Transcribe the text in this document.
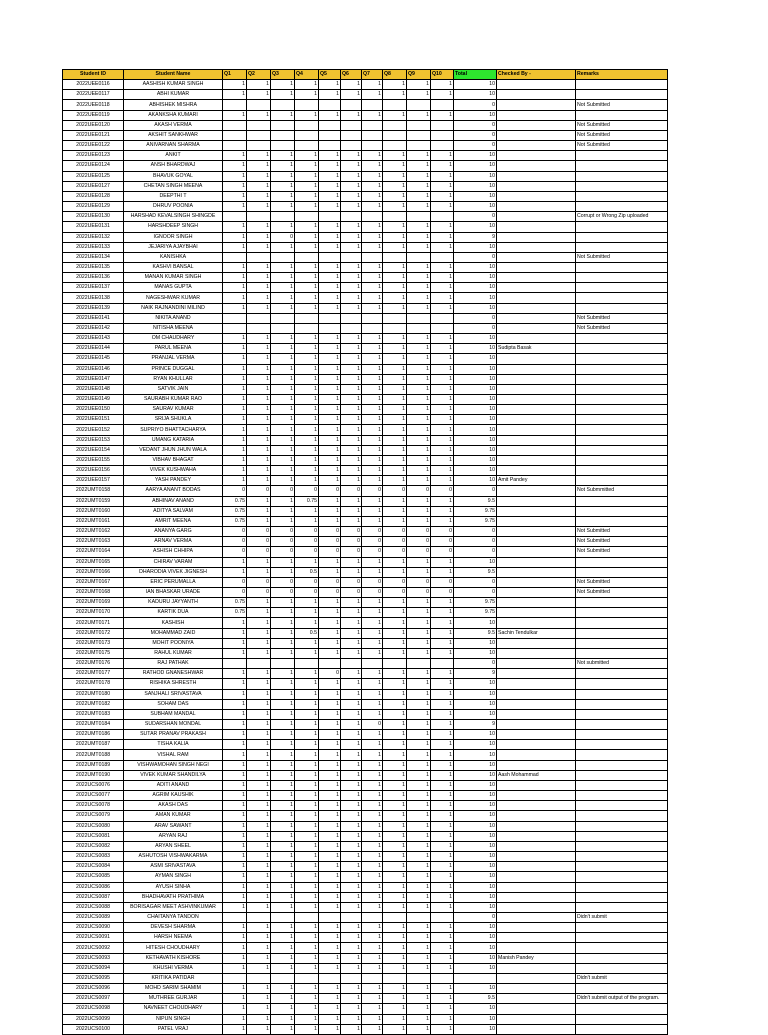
Student ID	Student Name	Q1	Q2	Q3	Q4	Q5	Q6	Q7	Q8	Q9	Q10	Total	Checked By -	Remarks
2022UEE0116	AASHISH KUMAR SINGH	1	1	1	1	1	1	1	1	1	1	10		
2022UEE0117	ABHI KUMAR	1	1	1	1	1	1	1	1	1	1	10		
2022UEE0118	ABHISHEK MISHRA											0		Not Submitted
2022UEE0119	AKANKSHA KUMARI	1	1	1	1	1	1	1	1	1	1	10		
2022UEE0120	AKASH VERMA											0		Not Submitted
2022UEE0121	AKSHIT SANKHWAR											0		Not Submitted
2022UEE0122	ANIVARNAN SHARMA											0		Not Submitted
2022UEE0123	ANKIT	1	1	1	1	1	1	1	1	1	1	10		
2022UEE0124	ANSH BHARDWAJ	1	1	1	1	1	1	1	1	1	1	10		
2022UEE0125	BHAVUK GOYAL	1	1	1	1	1	1	1	1	1	1	10		
2022UEE0127	CHETAN SINGH MEENA	1	1	1	1	1	1	1	1	1	1	10		
2022UEE0128	DEEPTHI T	1	1	1	1	1	1	1	1	1	1	10		
2022UEE0129	DHRUV POONIA	1	1	1	1	1	1	1	1	1	1	10		
2022UEE0130	HARSHAD KEVALSINGH SHINGDE											0		Corrupt or Wrong Zip uploaded
2022UEE0131	HARSHDEEP SINGH	1	1	1	1	1	1	1	1	1	1	10		
2022UEE0132	IGNOOR SINGH	1	1	0	1	1	1	1	1	1	1	9		
2022UEE0133	JEJARIYA AJAYBHAI	1	1	1	1	1	1	1	1	1	1	10		
2022UEE0134	KANISHKA											0		Not Submitted
2022UEE0135	KASHVI BANSAL	1	1	1	1	1	1	1	1	1	1	10		
2022UEE0136	MANAN KUMAR SINGH	1	1	1	1	1	1	1	1	1	1	10		
2022UEE0137	MANAS GUPTA	1	1	1	1	1	1	1	1	1	1	10		
2022UEE0138	NAGESHWAR KUMAR	1	1	1	1	1	1	1	1	1	1	10		
2022UEE0139	NAIK RAJNANDINI MILIND	1	1	1	1	1	1	1	1	1	1	10		
2022UEE0141	NIKITA ANAND											0		Not Submitted
2022UEE0142	NITISHA MEENA											0		Not Submitted
2022UEE0143	OM CHAUDHARY	1	1	1	1	1	1	1	1	1	1	10		
2022UEE0144	PARUL MEENA	1	1	1	1	1	1	1	1	1	1	10	Sudipta Basak	
2022UEE0145	PRANJAL VERMA	1	1	1	1	1	1	1	1	1	1	10		
2022UEE0146	PRINCE DUGGAL	1	1	1	1	1	1	1	1	1	1	10		
2022UEE0147	RYAN KHULLAR	1	1	1	1	1	1	1	1	1	1	10		
2022UEE0148	SATVIK JAIN	1	1	1	1	1	1	1	1	1	1	10		
2022UEE0149	SAURABH KUMAR RAO	1	1	1	1	1	1	1	1	1	1	10		
2022UEE0150	SAURAV KUMAR	1	1	1	1	1	1	1	1	1	1	10		
2022UEE0151	SRIJA SHUKLA	1	1	1	1	1	1	1	1	1	1	10		
2022UEE0152	SUPRIYO BHATTACHARYA	1	1	1	1	1	1	1	1	1	1	10		
2022UEE0153	UMANG KATARIA	1	1	1	1	1	1	1	1	1	1	10		
2022UEE0154	VEDANT JHUN JHUN WALA	1	1	1	1	1	1	1	1	1	1	10		
2022UEE0155	VIBHAV BHAGAT	1	1	1	1	1	1	1	1	1	1	10		
2022UEE0156	VIVEK KUSHWAHA	1	1	1	1	1	1	1	1	1	1	10		
2022UEE0157	YASH PANDEY	1	1	1	1	1	1	1	1	1	1	10	Amit Pandey	
2022UMT0158	AARYA ANANT BODAS	0	0	0	0	0	0	0	0	0	0	0		Not Submmitted
2022UMT0159	ABHINAV ANAND	0.75	1	1	0.75	1	1	1	1	1	1	9.5		
2022UMT0160	ADITYA SALVAM	0.75	1	1	1	1	1	1	1	1	1	9.75		
2022UMT0161	AMRIT MEENA	0.75	1	1	1	1	1	1	1	1	1	9.75		
2022UMT0162	ANANYA GARG	0	0	0	0	0	0	0	0	0	0	0		Not Submitted
2022UMT0163	ARNAV VERMA	0	0	0	0	0	0	0	0	0	0	0		Not Submitted
2022UMT0164	ASHISH CHHIPA	0	0	0	0	0	0	0	0	0	0	0		Not Submitted
2022UMT0165	CHIRAV VARAM	1	1	1	1	1	1	1	1	1	1	10		
2022UMT0166	DHARODIA VIVEK JIGNESH	1	1	1	0.5	1	1	1	1	1	1	9.5		
2022UMT0167	ERIC PERUMALLA	0	0	0	0	0	0	0	0	0	0	0		Not Submitted
2022UMT0168	IAN BHASKAR URADE	0	0	0	0	0	0	0	0	0	0	0		Not Submitted
2022UMT0169	KADURU JAYYANTH	0.75	1	1	1	1	1	1	1	1	1	9.75		
2022UMT0170	KARTIK DUA	0.75	1	1	1	1	1	1	1	1	1	9.75		
2022UMT0171	KASHISH	1	1	1	1	1	1	1	1	1	1	10		
2022UMT0172	MOHAMMAD ZAID	1	1	1	0.5	1	1	1	1	1	1	9.5	Sachin Tendulkar	
2022UMT0173	MOHIT POONIYA	1	1	1	1	1	1	1	1	1	1	10		
2022UMT0175	RAHUL KUMAR	1	1	1	1	1	1	1	1	1	1	10		
2022UMT0176	RAJ PATHAK											0		Not submitted
2022UMT0177	RATHOD GNANESHWAR	1	1	1	1	0	1	1	1	1	1	9		
2022UMT0178	RISHIKA SHRESTH	1	1	1	1	1	1	1	1	1	1	10		
2022UMT0180	SANJHALI SRIVASTAVA	1	1	1	1	1	1	1	1	1	1	10		
2022UMT0182	SOHAM DAS	1	1	1	1	1	1	1	1	1	1	10		
2022UMT0183	SUBHAM MANDAL	1	1	1	1	1	1	1	1	1	1	10		
2022UMT0184	SUDARSHAN MONDAL	1	1	1	1	1	1	0	1	1	1	9		
2022UMT0186	SUTAR PRANAV PRAKASH	1	1	1	1	1	1	1	1	1	1	10		
2022UMT0187	TISHA KALIA	1	1	1	1	1	1	1	1	1	1	10		
2022UMT0188	VISHAL RAM	1	1	1	1	1	1	1	1	1	1	10		
2022UMT0189	VISHWAMOHAN SINGH NEGI	1	1	1	1	1	1	1	1	1	1	10		
2022UMT0190	VIVEK KUMAR SHANDILYA	1	1	1	1	1	1	1	1	1	1	10	Aash Mohammad	
2022UCS0076	ADITI ANAND	1	1	1	1	1	1	1	1	1	1	10		
2022UCS0077	AGRIM KAUSHIK	1	1	1	1	1	1	1	1	1	1	10		
2022UCS0078	AKASH DAS	1	1	1	1	1	1	1	1	1	1	10		
2022UCS0079	AMAN KUMAR	1	1	1	1	1	1	1	1	1	1	10		
2022UCS0080	ARAV SAWANT	1	1	1	1	1	1	1	1	1	1	10		
2022UCS0081	ARYAN RAJ	1	1	1	1	1	1	1	1	1	1	10		
2022UCS0082	ARYAN SHEEL	1	1	1	1	1	1	1	1	1	1	10		
2022UCS0083	ASHUTOSH VISHWAKARMA	1	1	1	1	1	1	1	1	1	1	10		
2022UCS0084	ASMI SRIVASTAVA	1	1	1	1	1	1	1	1	1	1	10		
2022UCS0085	AYMAN SINGH	1	1	1	1	1	1	1	1	1	1	10		
2022UCS0086	AYUSH SINHA	1	1	1	1	1	1	1	1	1	1	10		
2022UCS0087	BHADHAVATH PRATHIMA	1	1	1	1	1	1	1	1	1	1	10		
2022UCS0088	BORISAGAR MEET ASHVINKUMAR	1	1	1	1	1	1	1	1	1	1	10		
2022UCS0089	CHAITANYA TANDON											0		Didn't submit
2022UCS0090	DEVESH SHARMA	1	1	1	1	1	1	1	1	1	1	10		
2022UCS0091	HARSH NEEMA	1	1	1	1	1	1	1	1	1	1	10		
2022UCS0092	HITESH CHOUDHARY	1	1	1	1	1	1	1	1	1	1	10		
2022UCS0093	KETHAVATH KISHORE	1	1	1	1	1	1	1	1	1	1	10	Manish Pandey	
2022UCS0094	KHUSHI VERMA	1	1	1	1	1	1	1	1	1	1	10		
2022UCS0095	KRITIKA PATIDAR													Didn't submit
2022UCS0096	MOHD SARIM SHAMIM	1	1	1	1	1	1	1	1	1	1	10		
2022UCS0097	MUTHREE GURJAR	1	1	1	1	1	1	1	1	1	1	9.5		Didn't submit output of the program.
2022UCS0098	NAVNEET CHOUDHARY	1	1	1	1	1	1	1	1	1	1	10		
2022UCS0099	NIPUN SINGH	1	1	1	1	1	1	1	1	1	1	10		
2022UCS0100	PATEL VRAJ	1	1	1	1	1	1	1	1	1	1	10		
